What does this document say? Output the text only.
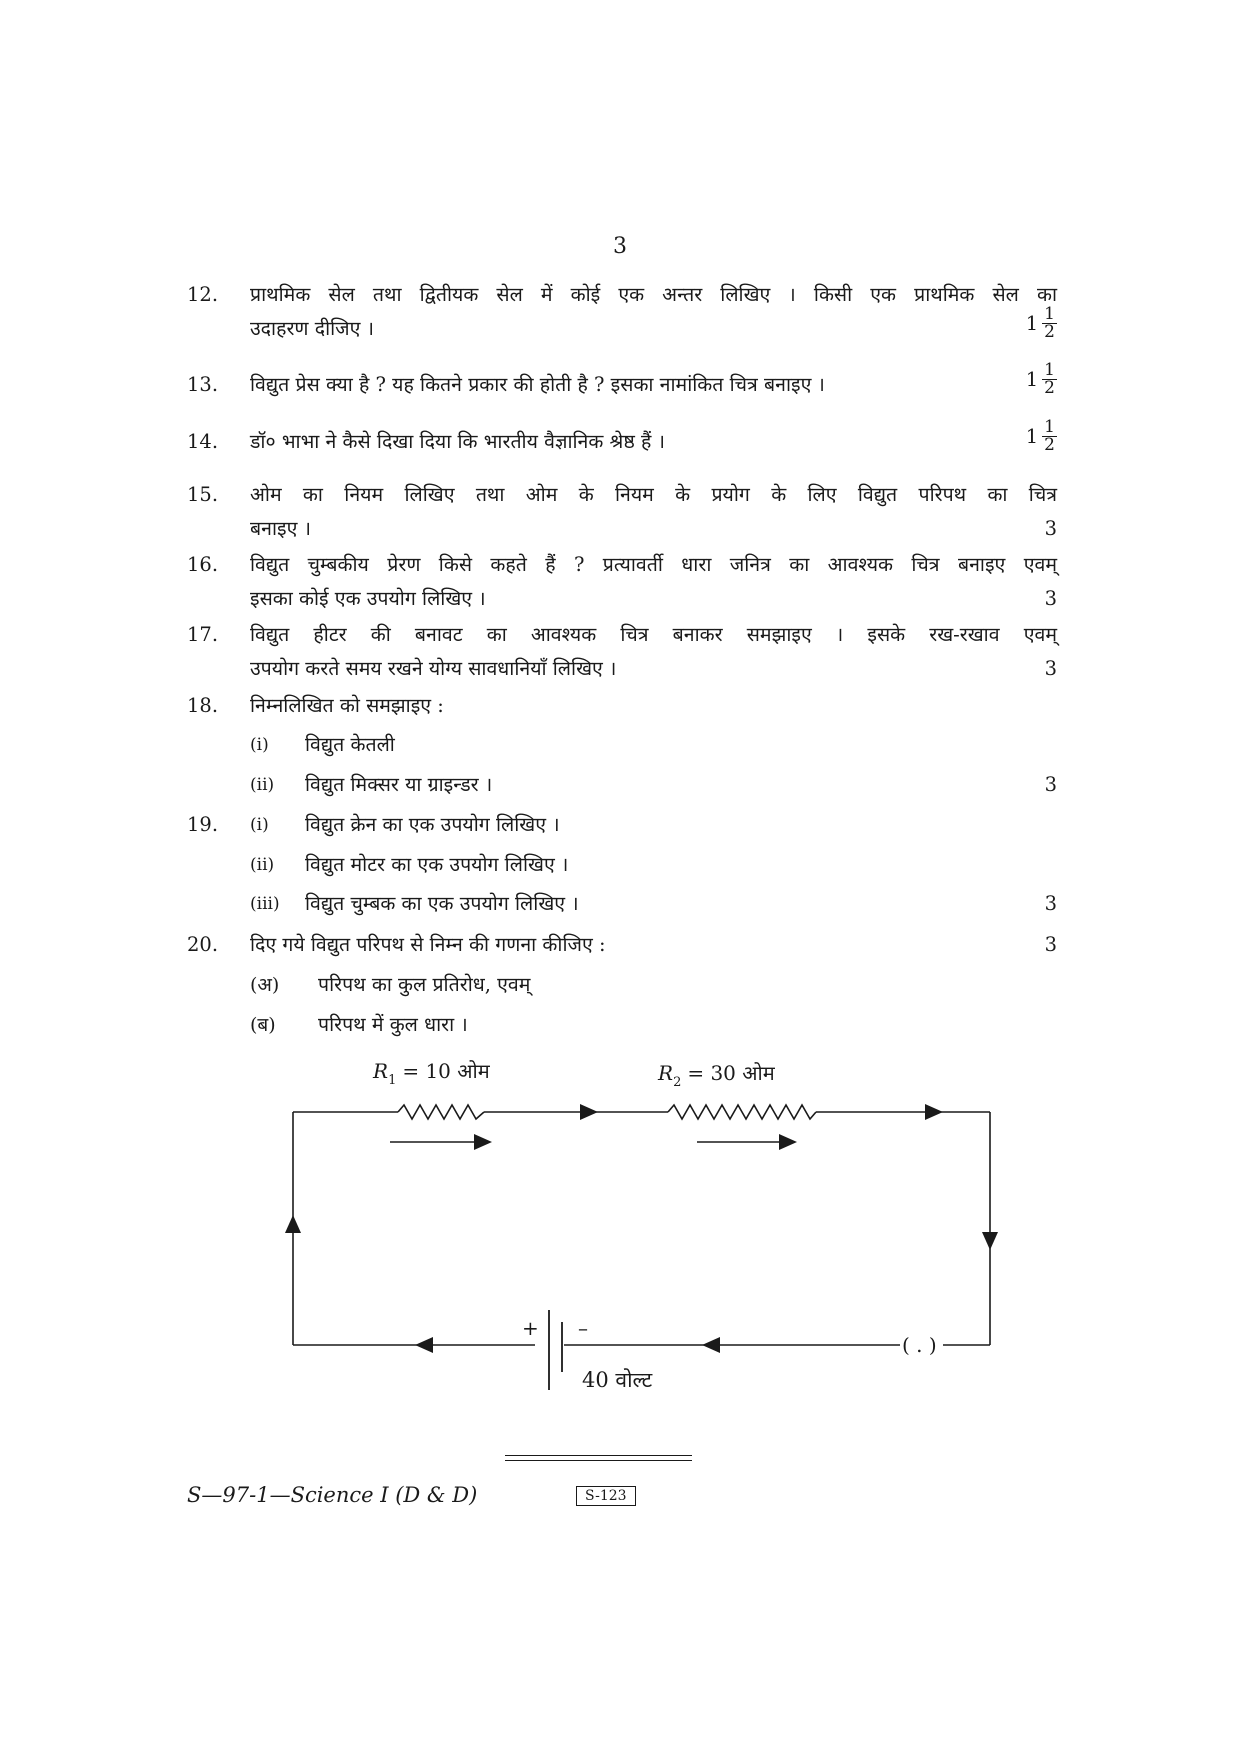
3
12.	प्राथमिक सेल तथा द्वितीयक सेल में कोई एक अन्तर लिखिए । किसी एक प्राथमिक सेल का
उदाहरण दीजिए ।	$1 \frac{1}{2}$
13.	विद्युत प्रेस क्या है ? यह कितने प्रकार की होती है ? इसका नामांकित चित्र बनाइए ।	$1 \frac{1}{2}$
14.	डॉ० भाभा ने कैसे दिखा दिया कि भारतीय वैज्ञानिक श्रेष्ठ हैं ।	$1 \frac{1}{2}$
15.	ओम का नियम लिखिए तथा ओम के नियम के प्रयोग के लिए विद्युत परिपथ का चित्र
बनाइए ।	3
16.	विद्युत चुम्बकीय प्रेरण किसे कहते हैं ? प्रत्यावर्ती धारा जनित्र का आवश्यक चित्र बनाइए एवम्
इसका कोई एक उपयोग लिखिए ।	3
17.	विद्युत हीटर की बनावट का आवश्यक चित्र बनाकर समझाइए । इसके रख-रखाव एवम्
उपयोग करते समय रखने योग्य सावधानियाँ लिखिए ।	3
18.	निम्नलिखित को समझाइए :
(i) विद्युत केतली
(ii) विद्युत मिक्सर या ग्राइन्डर ।	3
19.	(i) विद्युत क्रेन का एक उपयोग लिखिए ।
(ii) विद्युत मोटर का एक उपयोग लिखिए ।
(iii) विद्युत चुम्बक का एक उपयोग लिखिए ।	3
20.	दिए गये विद्युत परिपथ से निम्न की गणना कीजिए :	3
(अ) परिपथ का कुल प्रतिरोध, एवम्
(ब) परिपथ में कुल धारा ।
$R_1 = 10$ ओम	$R_2 = 30$ ओम
+ –
40 वोल्ट
( . )
S—97-1—Science I (D & D)	S-123
